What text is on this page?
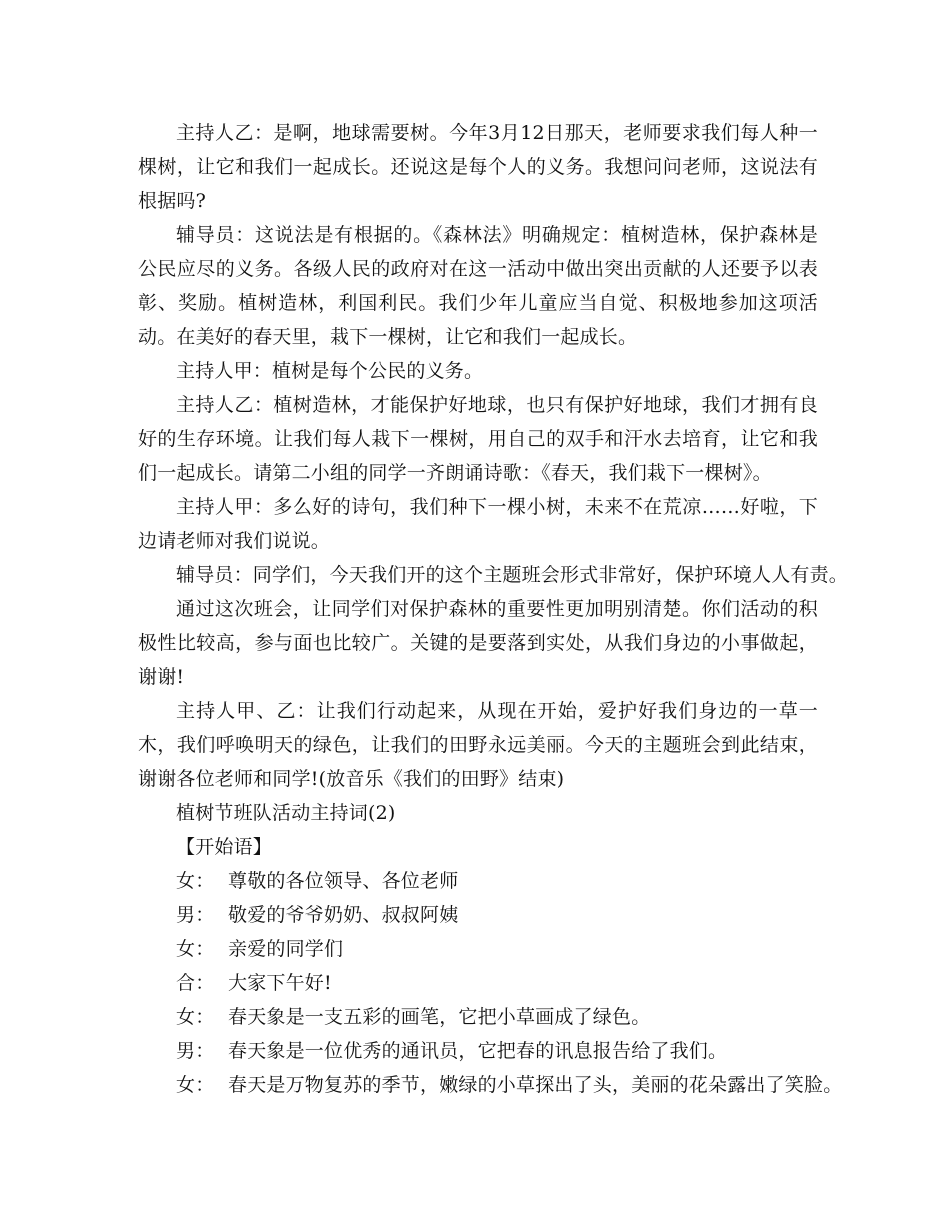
主持人乙：是啊，地球需要树。今年3月12日那天，老师要求我们每人种一棵树，让它和我们一起成长。还说这是每个人的义务。我想问问老师，这说法有根据吗?

辅导员：这说法是有根据的。《森林法》明确规定：植树造林，保护森林是公民应尽的义务。各级人民的政府对在这一活动中做出突出贡献的人还要予以表彰、奖励。植树造林，利国利民。我们少年儿童应当自觉、积极地参加这项活动。在美好的春天里，栽下一棵树，让它和我们一起成长。

主持人甲：植树是每个公民的义务。

主持人乙：植树造林，才能保护好地球，也只有保护好地球，我们才拥有良好的生存环境。让我们每人栽下一棵树，用自己的双手和汗水去培育，让它和我们一起成长。请第二小组的同学一齐朗诵诗歌：《春天，我们栽下一棵树》。

主持人甲：多么好的诗句，我们种下一棵小树，未来不在荒凉……好啦，下边请老师对我们说说。

辅导员：同学们，今天我们开的这个主题班会形式非常好，保护环境人人有责。

通过这次班会，让同学们对保护森林的重要性更加明别清楚。你们活动的积极性比较高，参与面也比较广。关键的是要落到实处，从我们身边的小事做起，谢谢!

主持人甲、乙：让我们行动起来，从现在开始，爱护好我们身边的一草一木，我们呼唤明天的绿色，让我们的田野永远美丽。今天的主题班会到此结束，谢谢各位老师和同学!(放音乐《我们的田野》结束)

植树节班队活动主持词(2)

【开始语】

女： 尊敬的各位领导、各位老师

男： 敬爱的爷爷奶奶、叔叔阿姨

女： 亲爱的同学们

合： 大家下午好!

女： 春天象是一支五彩的画笔，它把小草画成了绿色。

男： 春天象是一位优秀的通讯员，它把春的讯息报告给了我们。

女： 春天是万物复苏的季节，嫩绿的小草探出了头，美丽的花朵露出了笑脸。
